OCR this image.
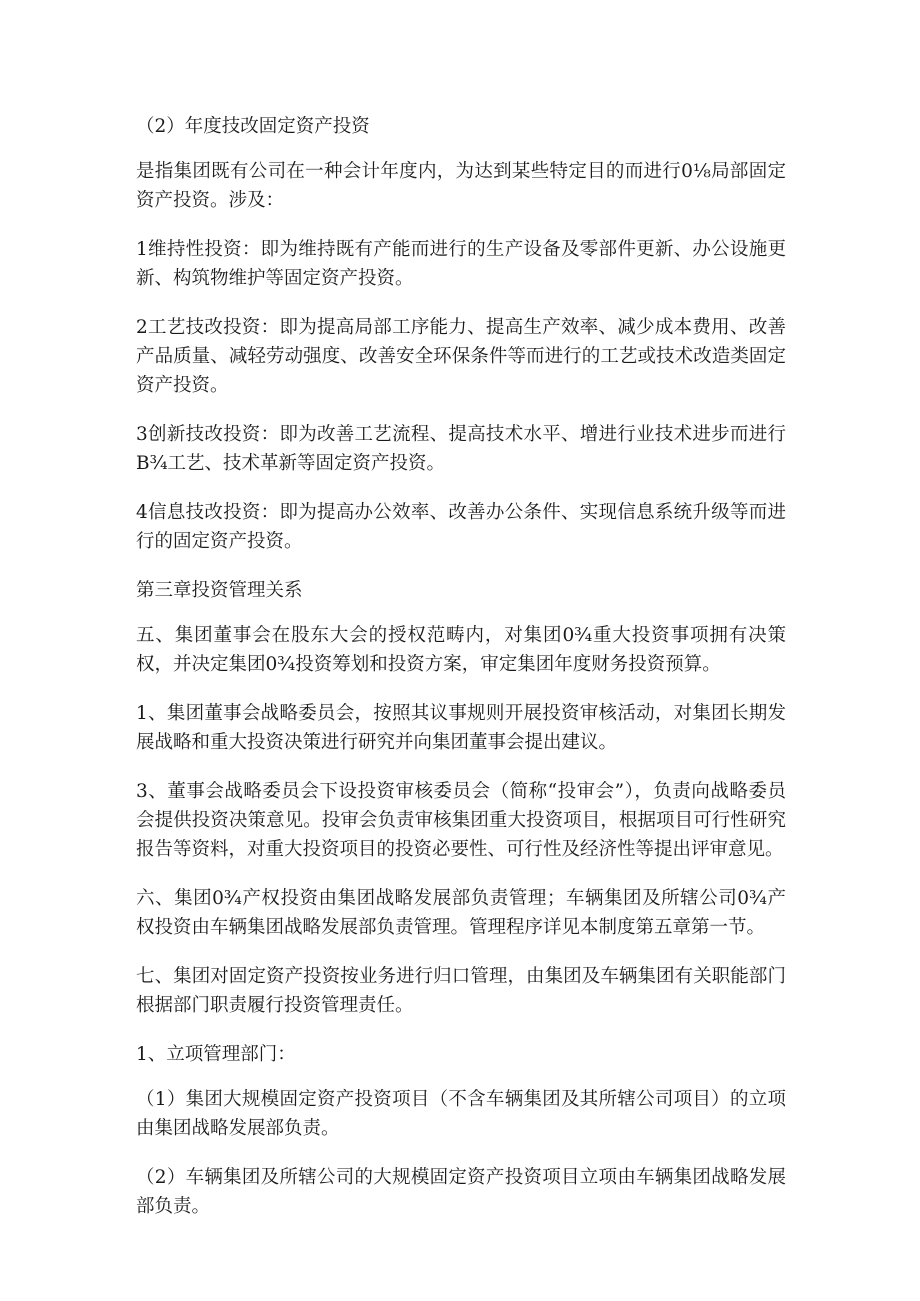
（2）年度技改固定资产投资

是指集团既有公司在一种会计年度内，为达到某些特定目的而进行0⅛局部固定资产投资。涉及：

1维持性投资：即为维持既有产能而进行的生产设备及零部件更新、办公设施更新、构筑物维护等固定资产投资。

2工艺技改投资：即为提高局部工序能力、提高生产效率、减少成本费用、改善产品质量、减轻劳动强度、改善安全环保条件等而进行的工艺或技术改造类固定资产投资。

3创新技改投资：即为改善工艺流程、提高技术水平、增进行业技术进步而进行B¾工艺、技术革新等固定资产投资。

4信息技改投资：即为提高办公效率、改善办公条件、实现信息系统升级等而进行的固定资产投资。

第三章投资管理关系

五、集团董事会在股东大会的授权范畴内，对集团0¾重大投资事项拥有决策权，并决定集团0¾投资筹划和投资方案，审定集团年度财务投资预算。

1、集团董事会战略委员会，按照其议事规则开展投资审核活动，对集团长期发展战略和重大投资决策进行研究并向集团董事会提出建议。

3、董事会战略委员会下设投资审核委员会（简称“投审会”），负责向战略委员会提供投资决策意见。投审会负责审核集团重大投资项目，根据项目可行性研究报告等资料，对重大投资项目的投资必要性、可行性及经济性等提出评审意见。

六、集团0¾产权投资由集团战略发展部负责管理；车辆集团及所辖公司0¾产权投资由车辆集团战略发展部负责管理。管理程序详见本制度第五章第一节。

七、集团对固定资产投资按业务进行归口管理，由集团及车辆集团有关职能部门根据部门职责履行投资管理责任。

1、立项管理部门：

（1）集团大规模固定资产投资项目（不含车辆集团及其所辖公司项目）的立项由集团战略发展部负责。

（2）车辆集团及所辖公司的大规模固定资产投资项目立项由车辆集团战略发展部负责。
